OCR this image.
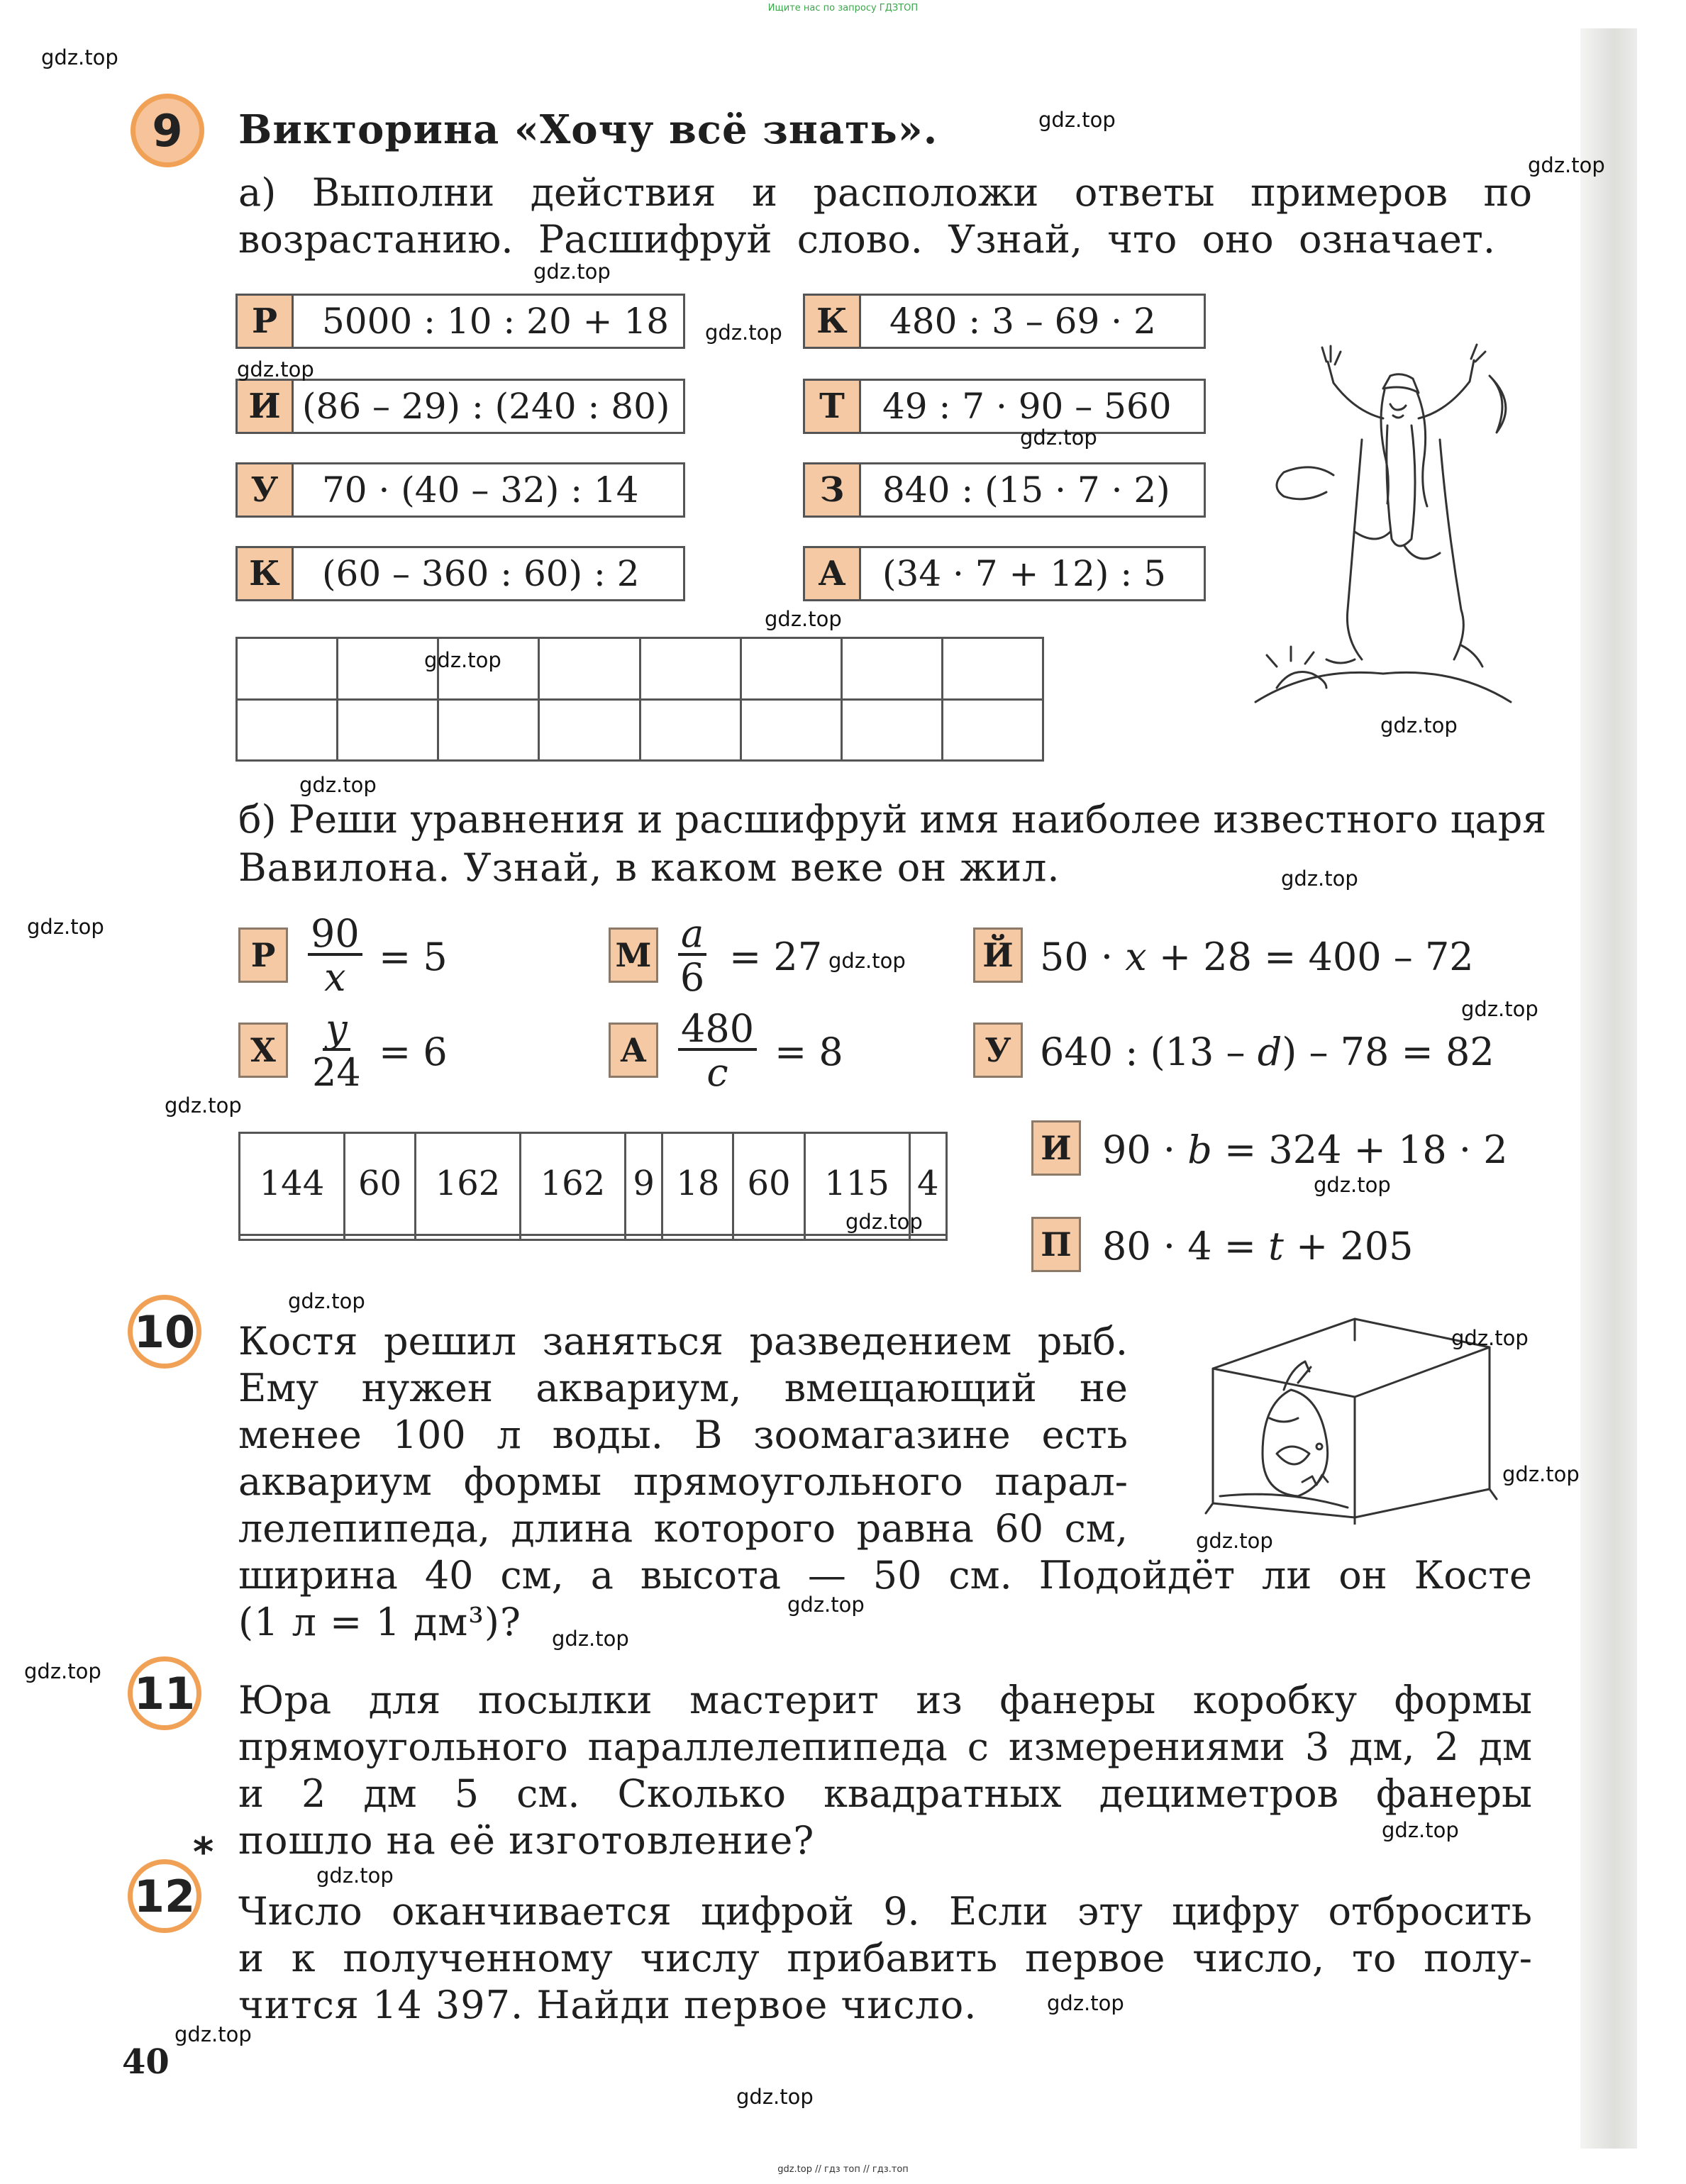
Ищите нас по запросу ГДЗТОП
9	Викторина «Хочу всё знать».
а) Выполни действия и расположи ответы примеров по
возрастанию. Расшифруй слово. Узнай, что оно означает.
Р	5000 : 10 : 20 + 18	К	480 : 3 – 69 · 2
И (86 – 29) : (240 : 80)	Т	49 : 7 · 90 – 560
У	70 · (40 – 32) : 14	З	840 : (15 · 7 · 2)
К	(60 – 360 : 60) : 2	А	(34 · 7 + 12) : 5

б) Реши уравнения и расшифруй имя наиболее известного царя
Вавилона. Узнай, в каком веке он жил.
Р $\frac{90}{x} = 5$	М $\frac{a}{6} = 27$	Й 50 · x + 28 = 400 – 72
Х $\frac{y}{24} = 6$	А $\frac{480}{c} = 8$	У 640 : (13 – d) – 78 = 82
144	60	162	162	9	18	60	115	4

И 90 · b = 324 + 18 · 2
П 80 · 4 = t + 205
10 Костя решил заняться разведением рыб.
Ему нужен аквариум, вмещающий не
менее 100 л воды. В зоомагазине есть
аквариум формы прямоугольного парал-
лелепипеда, длина которого равна 60 см,
ширина 40 см, а высота — 50 см. Подойдёт ли он Косте
(1 л = 1 дм³)?
11 Юра для посылки мастерит из фанеры коробку формы
прямоугольного параллелепипеда с измерениями 3 дм, 2 дм
и 2 дм 5 см. Сколько квадратных дециметров фанеры
пошло на её изготовление?
*
12 Число оканчивается цифрой 9. Если эту цифру отбросить
и к полученному числу прибавить первое число, то полу-
чится 14 397. Найди первое число.
40
gdz.top
gdz.top
gdz.top
gdz.top
gdz.top
gdz.top
gdz.top
gdz.top
gdz.top
gdz.top
gdz.top
gdz.top
gdz.top
gdz.top
gdz.top
gdz.top
gdz.top
gdz.top
gdz.top
gdz.top
gdz.top
gdz.top
gdz.top
gdz.top
gdz.top
gdz.top
gdz.top
gdz.top
gdz.top
gdz.top
gdz.top // гдз топ // гдз.топ
